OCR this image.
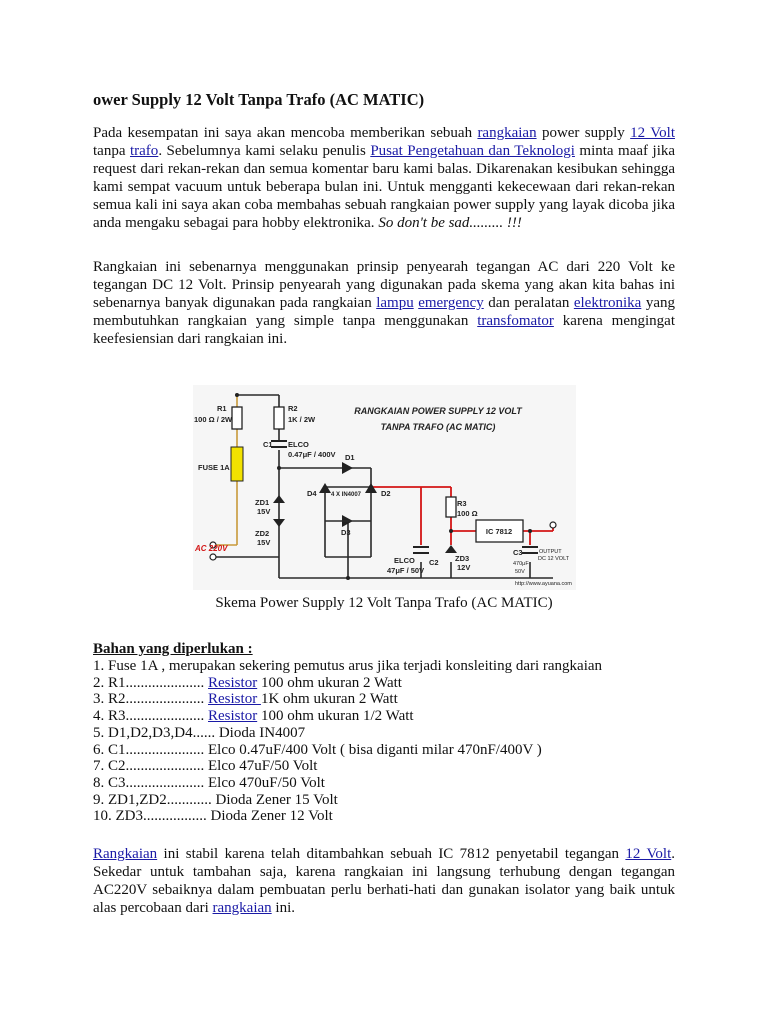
ower Supply 12 Volt Tanpa Trafo (AC MATIC)

Pada kesempatan ini saya akan mencoba memberikan sebuah rangkaian power supply 12 Volt tanpa trafo. Sebelumnya kami selaku penulis Pusat Pengetahuan dan Teknologi minta maaf jika request dari rekan-rekan dan semua komentar baru kami balas. Dikarenakan kesibukan sehingga kami sempat vacuum untuk beberapa bulan ini. Untuk mengganti kekecewaan dari rekan-rekan semua kali ini saya akan coba membahas sebuah rangkaian power supply yang layak dicoba jika anda mengaku sebagai para hobby elektronika. So don't be sad......... !!!

Rangkaian ini sebenarnya menggunakan prinsip penyearah tegangan AC dari 220 Volt ke tegangan DC 12 Volt. Prinsip penyearah yang digunakan pada skema yang akan kita bahas ini sebenarnya banyak digunakan pada rangkaian lampu emergency dan peralatan elektronika yang membutuhkan rangkaian yang simple tanpa menggunakan transfomator karena mengingat keefesiensian dari rangkaian ini.

R1
100 Ω / 2W
R2
1K / 2W
C1 ELCO
0.47μF / 400V
FUSE 1A
D1
D4 4 X IN4007	D2
D3
ZD1
15V
ZD2
15V
R3
100 Ω
IC 7812
ELCO
47μF / 50V
C2 ZD3
12V
C3
470μF
50V
OUTPUT
DC 12 VOLT
http://www.ayuana.com
AC 220V
RANGKAIAN POWER SUPPLY 12 VOLT
TANPA TRAFO (AC MATIC)
Skema Power Supply 12 Volt Tanpa Trafo (AC MATIC)
Bahan yang diperlukan :
1. Fuse 1A , merupakan sekering pemutus arus jika terjadi konsleiting dari rangkaian
2. R1..................... Resistor 100 ohm ukuran 2 Watt
3. R2..................... Resistor 1K ohm ukuran 2 Watt
4. R3..................... Resistor 100 ohm ukuran 1/2 Watt
5. D1,D2,D3,D4...... Dioda IN4007
6. C1..................... Elco 0.47uF/400 Volt ( bisa diganti milar 470nF/400V )
7. C2..................... Elco 47uF/50 Volt
8. C3..................... Elco 470uF/50 Volt
9. ZD1,ZD2............ Dioda Zener 15 Volt
10. ZD3................. Dioda Zener 12 Volt

Rangkaian ini stabil karena telah ditambahkan sebuah IC 7812 penyetabil tegangan 12 Volt. Sekedar untuk tambahan saja, karena rangkaian ini langsung terhubung dengan tegangan AC220V sebaiknya dalam pembuatan perlu berhati-hati dan gunakan isolator yang baik untuk alas percobaan dari rangkaian ini.
